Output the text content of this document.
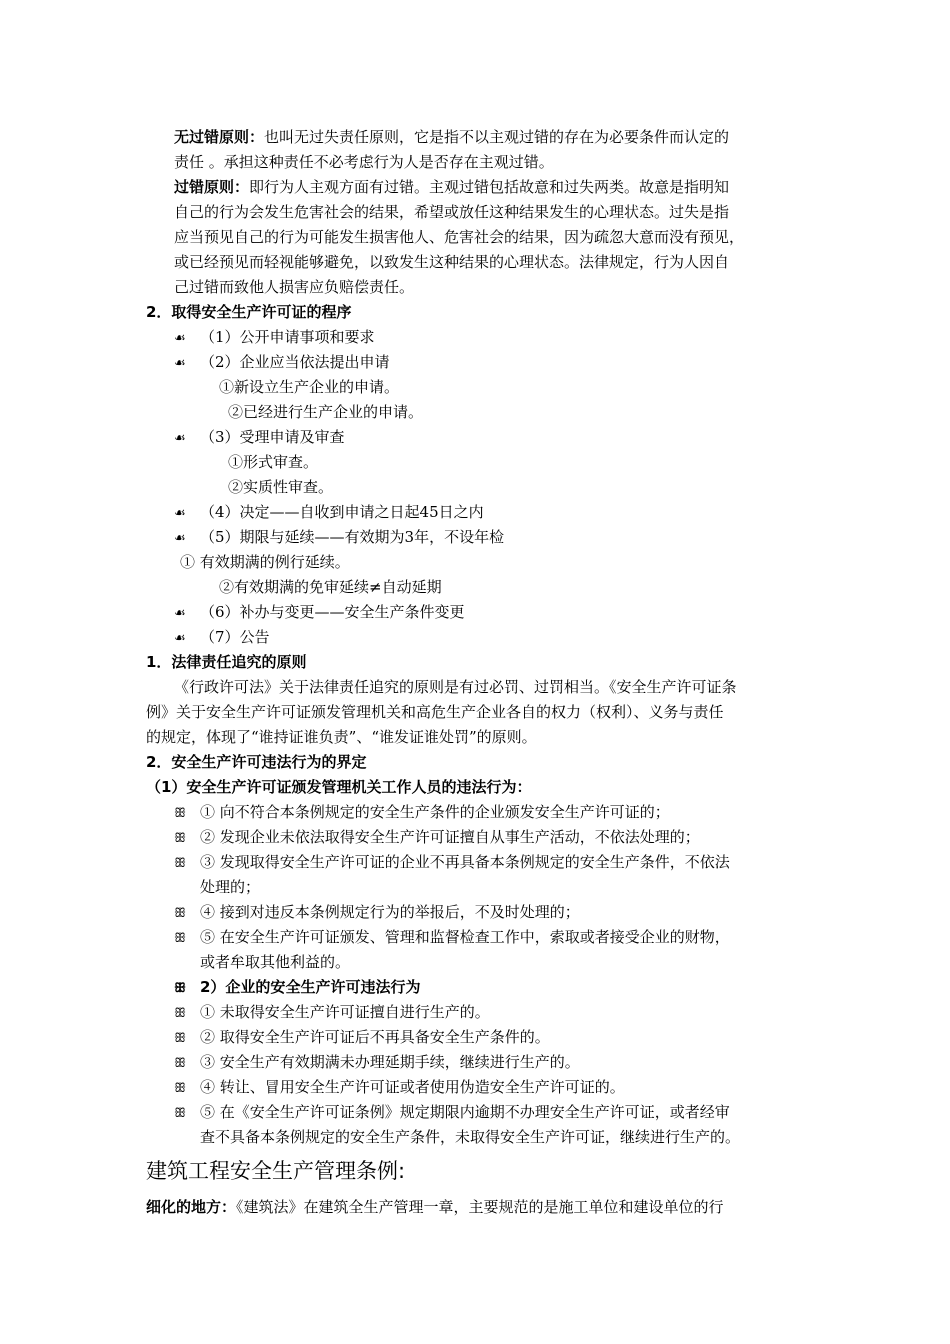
无过错原则：也叫无过失责任原则，它是指不以主观过错的存在为必要条件而认定的
责任 。承担这种责任不必考虑行为人是否存在主观过错。
过错原则：即行为人主观方面有过错。主观过错包括故意和过失两类。故意是指明知
自己的行为会发生危害社会的结果，希望或放任这种结果发生的心理状态。过失是指
应当预见自己的行为可能发生损害他人、危害社会的结果，因为疏忽大意而没有预见，
或已经预见而轻视能够避免，以致发生这种结果的心理状态。法律规定，行为人因自
己过错而致他人损害应负赔偿责任。
2．取得安全生产许可证的程序
☙ （1）公开申请事项和要求
☙ （2）企业应当依法提出申请
①新设立生产企业的申请。
②已经进行生产企业的申请。
☙ （3）受理申请及审查
①形式审查。
②实质性审查。
☙ （4）决定——自收到申请之日起45日之内
☙ （5）期限与延续——有效期为3年，不设年检
① 有效期满的例行延续。
②有效期满的免审延续≠自动延期
☙ （6）补办与变更——安全生产条件变更
☙ （7）公告
1．法律责任追究的原则
《行政许可法》关于法律责任追究的原则是有过必罚、过罚相当。《安全生产许可证条
例》关于安全生产许可证颁发管理机关和高危生产企业各自的权力（权利）、义务与责任
的规定，体现了“谁持证谁负责”、“谁发证谁处罚”的原则。
2．安全生产许可违法行为的界定
（1）安全生产许可证颁发管理机关工作人员的违法行为：
ꕥ ① 向不符合本条例规定的安全生产条件的企业颁发安全生产许可证的；
ꕥ ② 发现企业未依法取得安全生产许可证擅自从事生产活动，不依法处理的；
ꕥ ③ 发现取得安全生产许可证的企业不再具备本条例规定的安全生产条件，不依法
处理的；
ꕥ ④ 接到对违反本条例规定行为的举报后，不及时处理的；
ꕥ ⑤ 在安全生产许可证颁发、管理和监督检查工作中，索取或者接受企业的财物，
或者牟取其他利益的。
ꕥ 2）企业的安全生产许可违法行为
ꕥ ① 未取得安全生产许可证擅自进行生产的。
ꕥ ② 取得安全生产许可证后不再具备安全生产条件的。
ꕥ ③ 安全生产有效期满未办理延期手续，继续进行生产的。
ꕥ ④ 转让、冒用安全生产许可证或者使用伪造安全生产许可证的。
ꕥ ⑤ 在《安全生产许可证条例》规定期限内逾期不办理安全生产许可证，或者经审
查不具备本条例规定的安全生产条件，未取得安全生产许可证，继续进行生产的。
建筑工程安全生产管理条例:
细化的地方：《建筑法》在建筑全生产管理一章，主要规范的是施工单位和建设单位的行
